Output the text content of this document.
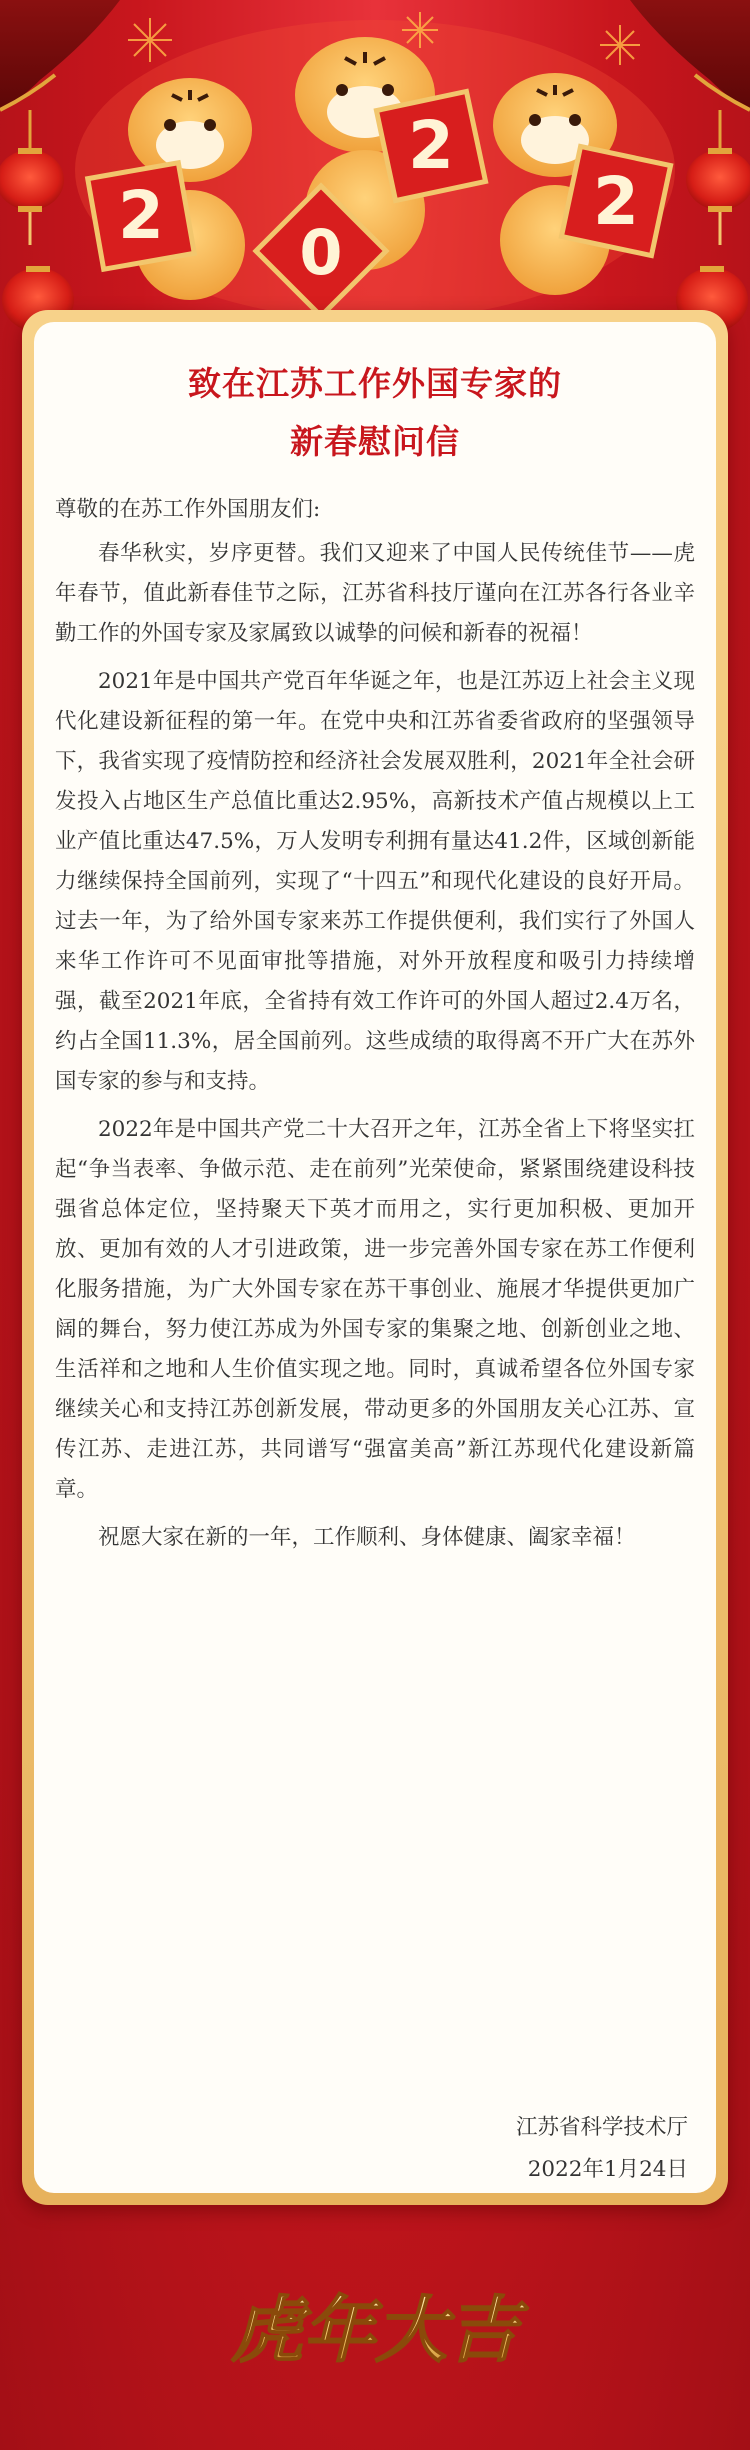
2 0
2
2
致在江苏工作外国专家的
新春慰问信

尊敬的在苏工作外国朋友们:

春华秋实，岁序更替。我们又迎来了中国人民传统佳节——虎年春节，值此新春佳节之际，江苏省科技厅谨向在江苏各行各业辛勤工作的外国专家及家属致以诚挚的问候和新春的祝福！

2021年是中国共产党百年华诞之年，也是江苏迈上社会主义现代化建设新征程的第一年。在党中央和江苏省委省政府的坚强领导下，我省实现了疫情防控和经济社会发展双胜利，2021年全社会研发投入占地区生产总值比重达2.95%，高新技术产值占规模以上工业产值比重达47.5%，万人发明专利拥有量达41.2件，区域创新能力继续保持全国前列，实现了“十四五”和现代化建设的良好开局。过去一年，为了给外国专家来苏工作提供便利，我们实行了外国人来华工作许可不见面审批等措施，对外开放程度和吸引力持续增强，截至2021年底，全省持有效工作许可的外国人超过2.4万名，约占全国11.3%，居全国前列。这些成绩的取得离不开广大在苏外国专家的参与和支持。

2022年是中国共产党二十大召开之年，江苏全省上下将坚实扛起“争当表率、争做示范、走在前列”光荣使命，紧紧围绕建设科技强省总体定位，坚持聚天下英才而用之，实行更加积极、更加开放、更加有效的人才引进政策，进一步完善外国专家在苏工作便利化服务措施，为广大外国专家在苏干事创业、施展才华提供更加广阔的舞台，努力使江苏成为外国专家的集聚之地、创新创业之地、生活祥和之地和人生价值实现之地。同时，真诚希望各位外国专家继续关心和支持江苏创新发展，带动更多的外国朋友关心江苏、宣传江苏、走进江苏，共同谱写“强富美高”新江苏现代化建设新篇章。

祝愿大家在新的一年，工作顺利、身体健康、阖家幸福！

江苏省科学技术厅
2022年1月24日
虎年大吉
